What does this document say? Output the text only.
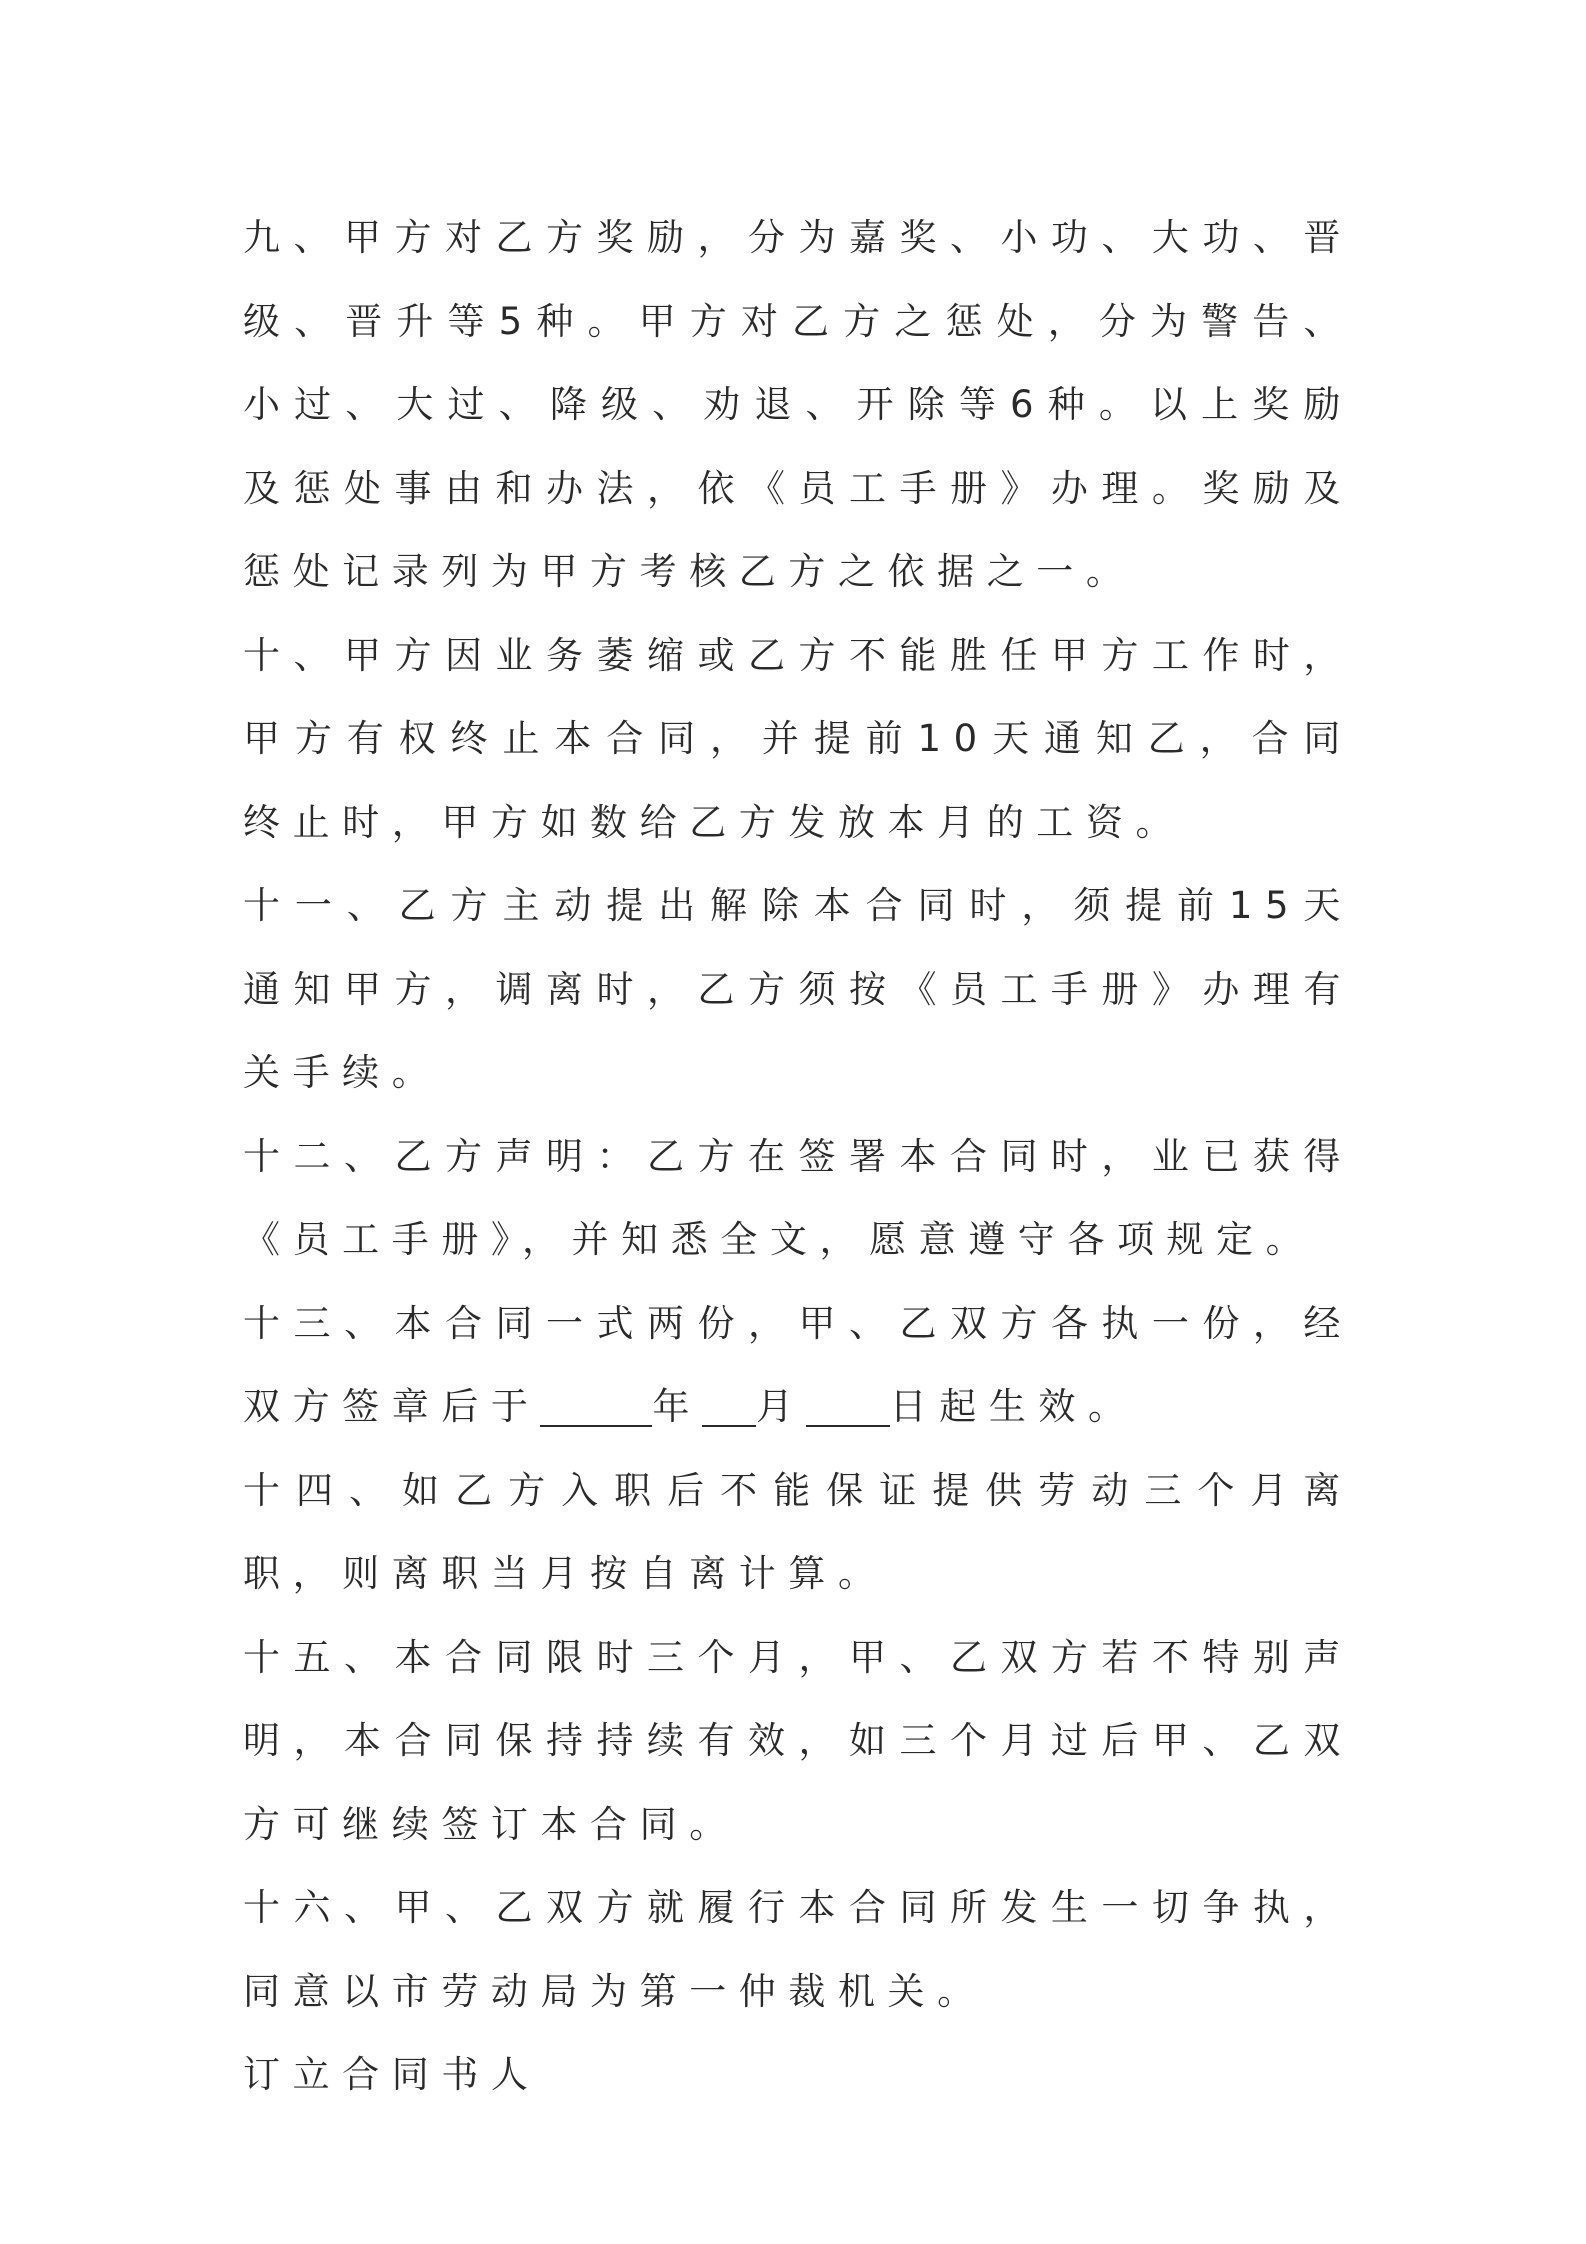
九、甲方对乙方奖励，分为嘉奖、小功、大功、晋级、晋升等5种。甲方对乙方之惩处，分为警告、小过、大过、降级、劝退、开除等6种。以上奖励及惩处事由和办法，依《员工手册》办理。奖励及惩处记录列为甲方考核乙方之依据之一。

十、甲方因业务萎缩或乙方不能胜任甲方工作时，甲方有权终止本合同，并提前10天通知乙，合同终止时，甲方如数给乙方发放本月的工资。

十一、乙方主动提出解除本合同时，须提前15天通知甲方，调离时，乙方须按《员工手册》办理有关手续。

十二、乙方声明：乙方在签署本合同时，业已获得《员工手册》，并知悉全文，愿意遵守各项规定。

十三、本合同一式两份，甲、乙双方各执一份，经双方签章后于	年 月 日起生效。

十四、如乙方入职后不能保证提供劳动三个月离职，则离职当月按自离计算。

十五、本合同限时三个月，甲、乙双方若不特别声明，本合同保持持续有效，如三个月过后甲、乙双方可继续签订本合同。

十六、甲、乙双方就履行本合同所发生一切争执，同意以市劳动局为第一仲裁机关。

订立合同书人
